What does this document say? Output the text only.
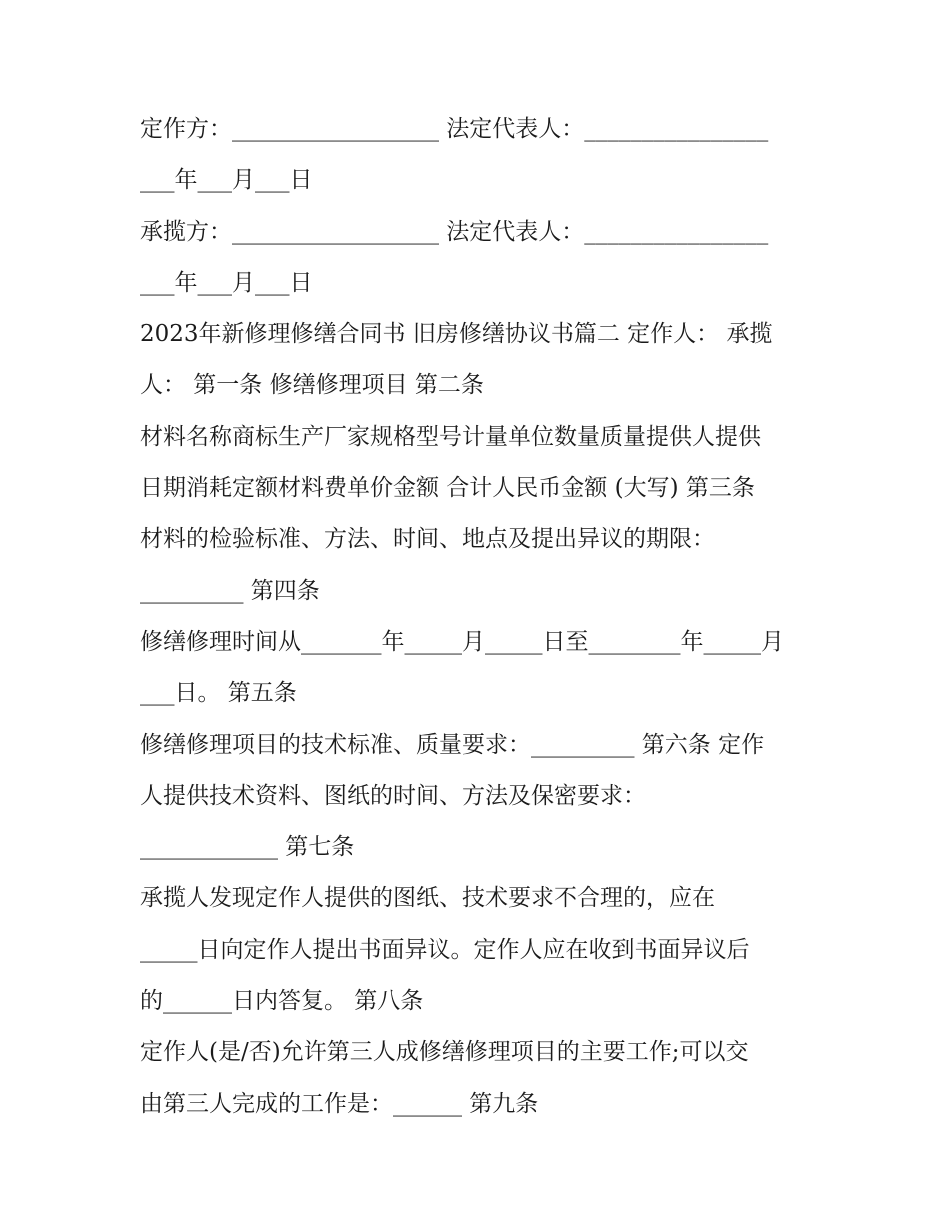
定作方：__________________ 法定代表人：________________
___年___月___日
承揽方：__________________ 法定代表人：________________
___年___月___日
2023年新修理修缮合同书 旧房修缮协议书篇二 定作人： 承揽
人： 第一条 修缮修理项目 第二条
材料名称商标生产厂家规格型号计量单位数量质量提供人提供
日期消耗定额材料费单价金额 合计人民币金额 (大写) 第三条
材料的检验标准、方法、时间、地点及提出异议的期限：
_________ 第四条
修缮修理时间从_______年_____月_____日至________年_____月
___日。 第五条
修缮修理项目的技术标准、质量要求：_________ 第六条 定作
人提供技术资料、图纸的时间、方法及保密要求：
____________ 第七条
承揽人发现定作人提供的图纸、技术要求不合理的，应在
_____日向定作人提出书面异议。定作人应在收到书面异议后
的______日内答复。 第八条
定作人(是/否)允许第三人成修缮修理项目的主要工作;可以交
由第三人完成的工作是：______ 第九条
